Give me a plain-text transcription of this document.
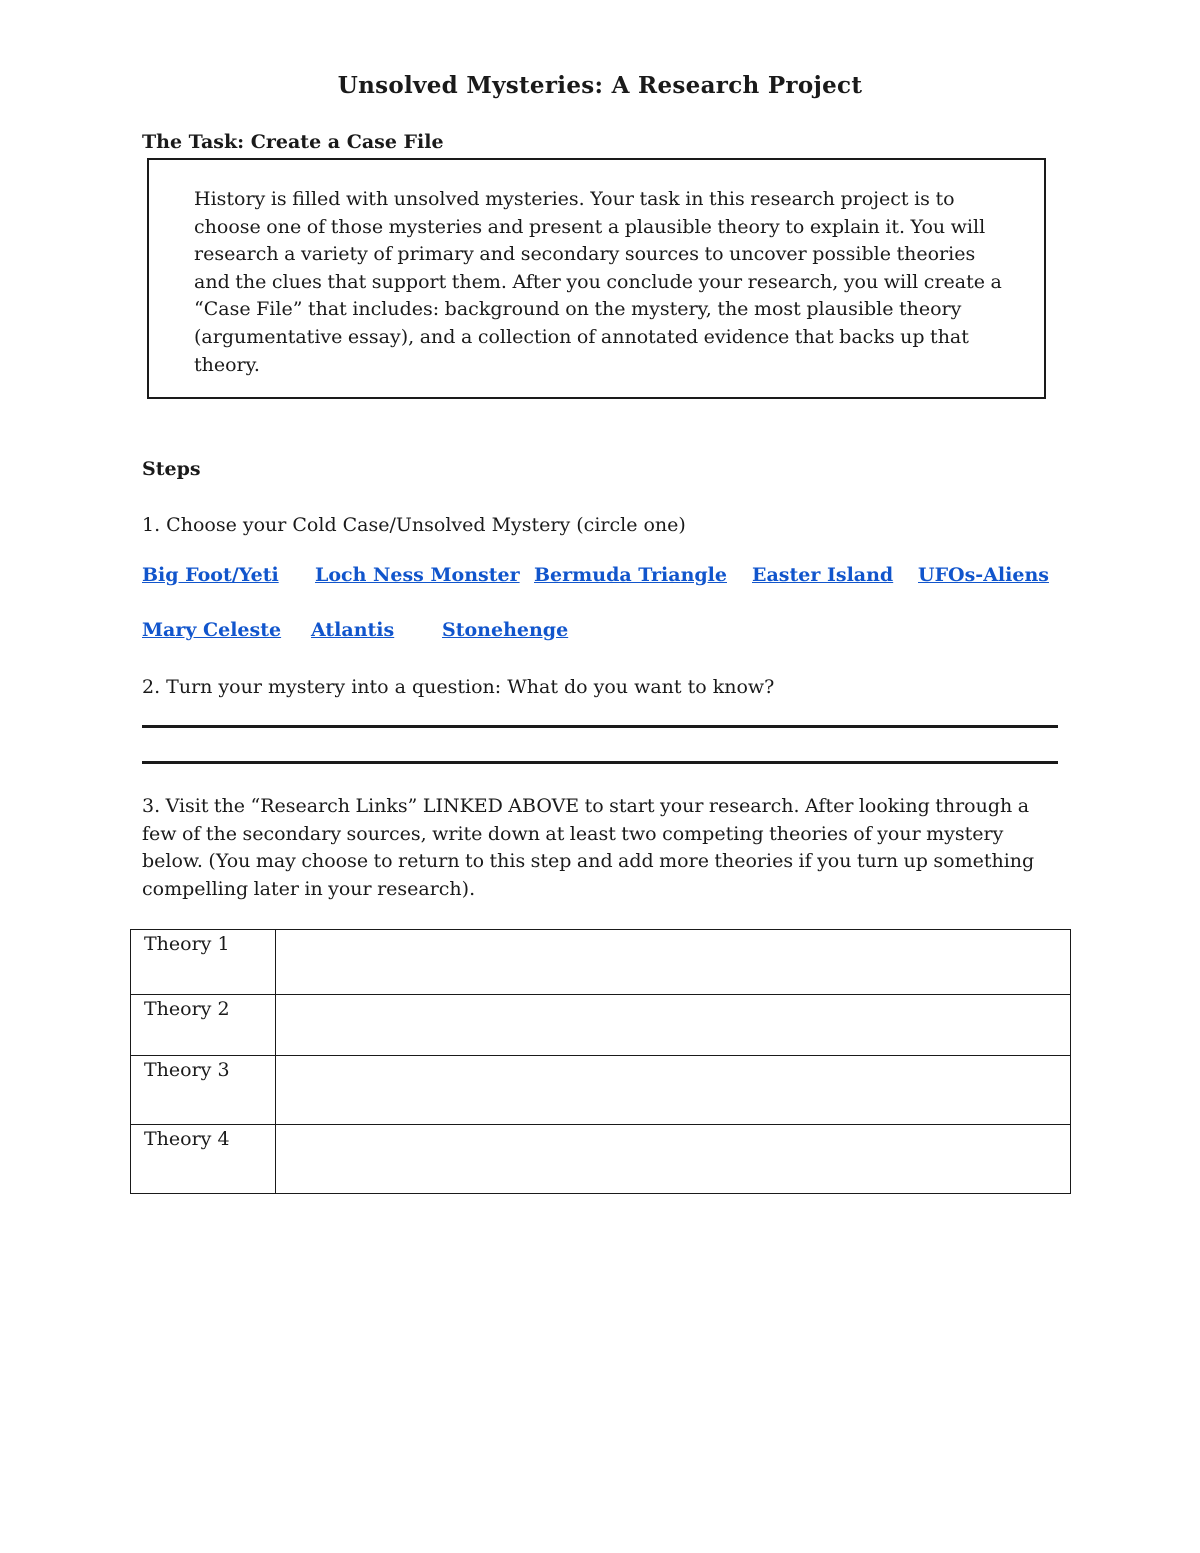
Unsolved Mysteries: A Research Project
The Task: Create a Case File
History is filled with unsolved mysteries. Your task in this research project is to choose one of those mysteries and present a plausible theory to explain it. You will research a variety of primary and secondary sources to uncover possible theories and the clues that support them. After you conclude your research, you will create a “Case File” that includes: background on the mystery, the most plausible theory (argumentative essay), and a collection of annotated evidence that backs up that theory.
Steps
1. Choose your Cold Case/Unsolved Mystery (circle one)
Big Foot/Yeti Loch Ness Monster Bermuda Triangle Easter Island UFOs-Aliens
Mary Celeste Atlantis	Stonehenge
2. Turn your mystery into a question: What do you want to know?
3. Visit the “Research Links” LINKED ABOVE to start your research. After looking through a few of the secondary sources, write down at least two competing theories of your mystery below. (You may choose to return to this step and add more theories if you turn up something compelling later in your research).
Theory 1	
Theory 2	
Theory 3	
Theory 4	
